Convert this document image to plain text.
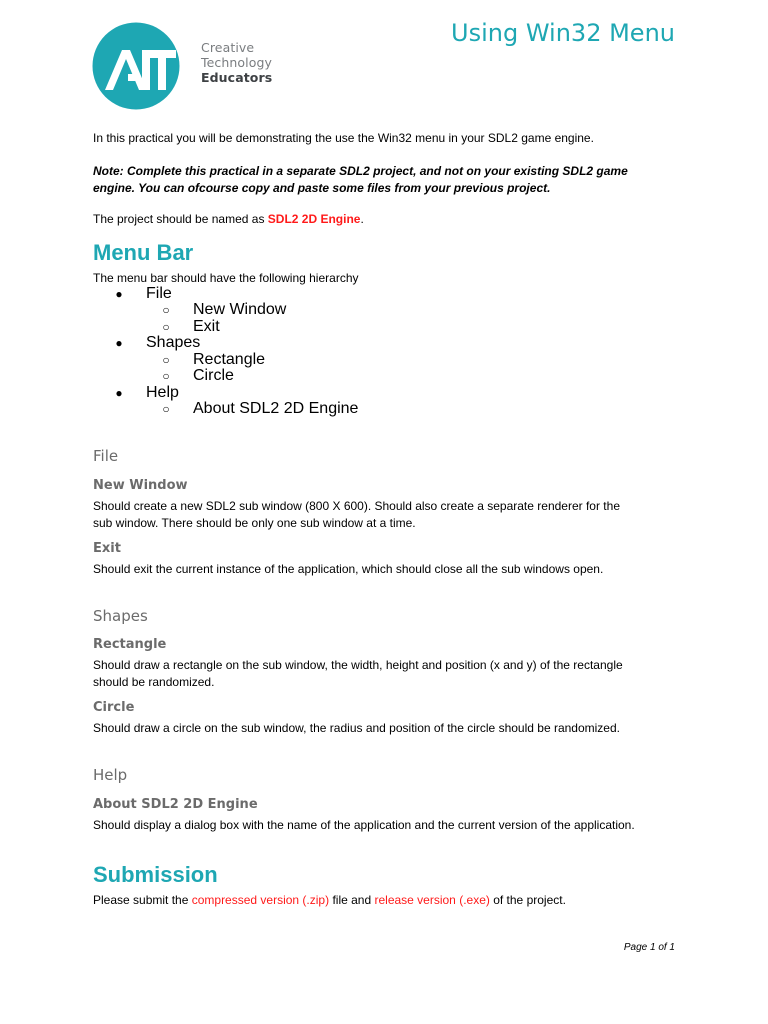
Creative
Technology
Educators
Using Win32 Menu
In this practical you will be demonstrating the use the Win32 menu in your SDL2 game engine.
Note: Complete this practical in a separate SDL2 project, and not on your existing SDL2 game
engine. You can ofcourse copy and paste some files from your previous project.
The project should be named as SDL2 2D Engine.
Menu Bar
The menu bar should have the following hierarchy
● File
○ New Window
○ Exit
● Shapes
○ Rectangle
○ Circle
● Help
○ About SDL2 2D Engine
File
New Window
Should create a new SDL2 sub window (800 X 600). Should also create a separate renderer for the
sub window. There should be only one sub window at a time.
Exit
Should exit the current instance of the application, which should close all the sub windows open.
Shapes
Rectangle
Should draw a rectangle on the sub window, the width, height and position (x and y) of the rectangle
should be randomized.
Circle
Should draw a circle on the sub window, the radius and position of the circle should be randomized.
Help
About SDL2 2D Engine
Should display a dialog box with the name of the application and the current version of the application.
Submission
Please submit the compressed version (.zip) file and release version (.exe) of the project.
Page 1 of 1
